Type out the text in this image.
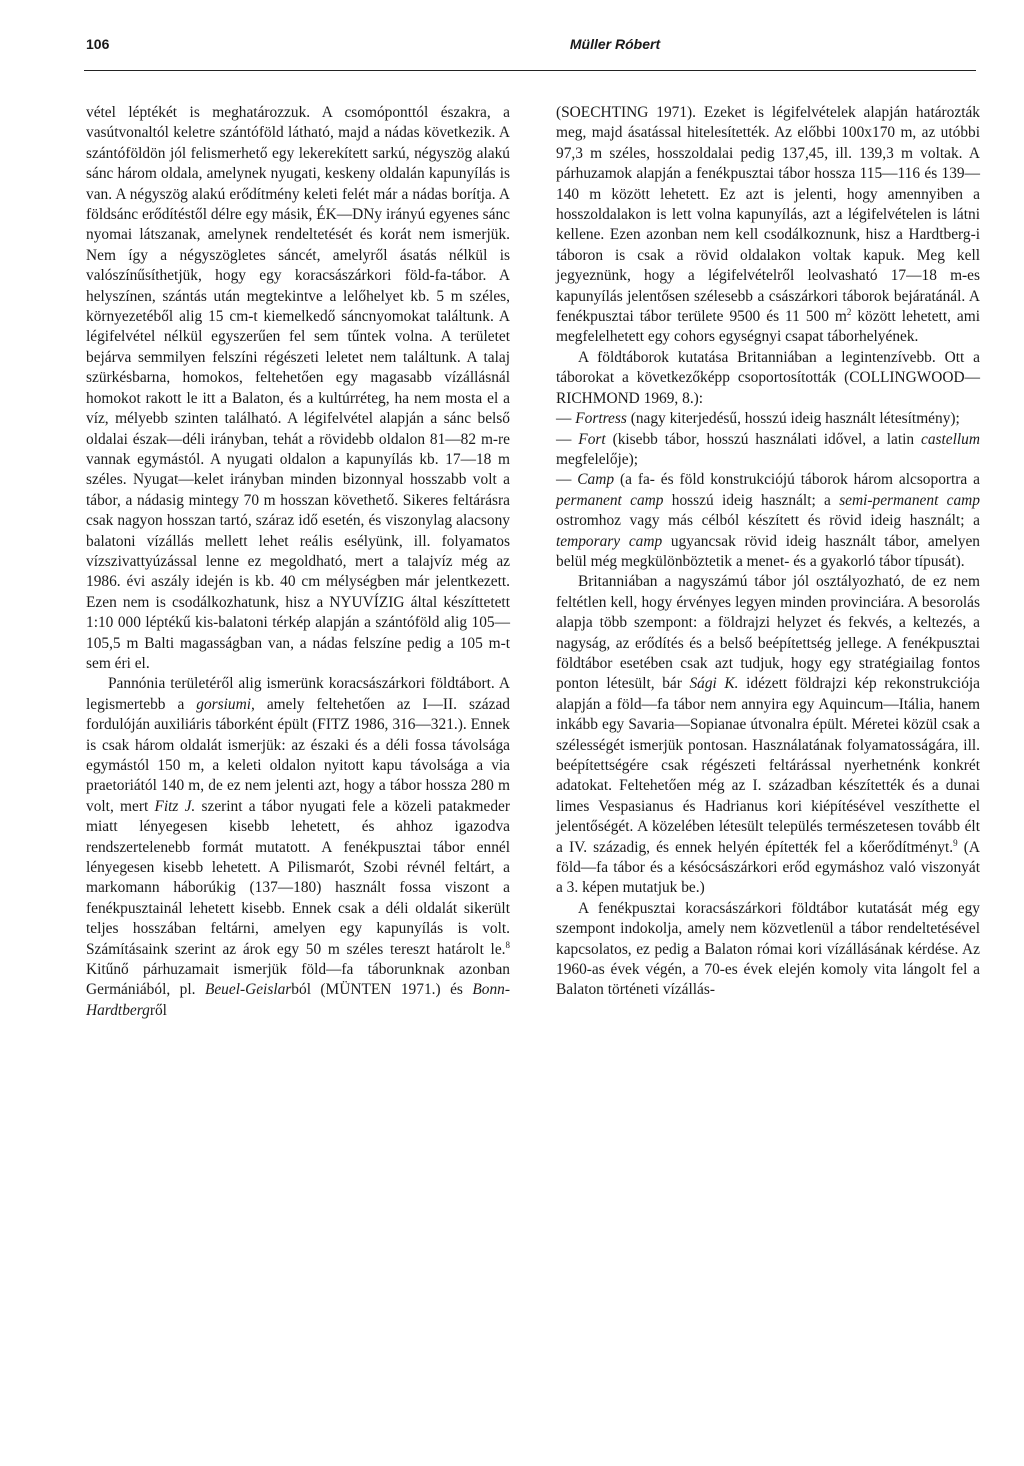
106	Müller Róbert

vétel léptékét is meghatározzuk. A csomóponttól északra, a vasútvonaltól keletre szántóföld látható, majd a nádas következik. A szántóföldön jól felismerhető egy lekerekített sarkú, négyszög alakú sánc három oldala, amelynek nyugati, keskeny oldalán kapunyílás is van. A négyszög alakú erődítmény keleti felét már a nádas borítja. A földsánc erődítéstől délre egy másik, ÉK—DNy irányú egyenes sánc nyomai látszanak, amelynek rendeltetését és korát nem ismerjük. Nem így a négyszögletes sáncét, amelyről ásatás nélkül is valószínűsíthetjük, hogy egy koracsászárkori föld-fa-tábor. A helyszínen, szántás után megtekintve a lelőhelyet kb. 5 m széles, környezetéből alig 15 cm-t kiemelkedő sáncnyomokat találtunk. A légifelvétel nélkül egyszerűen fel sem tűntek volna. A területet bejárva semmilyen felszíni régészeti leletet nem találtunk. A talaj szürkésbarna, homokos, feltehetően egy magasabb vízállásnál homokot rakott le itt a Balaton, és a kultúrréteg, ha nem mosta el a víz, mélyebb szinten található. A légifelvétel alapján a sánc belső oldalai észak—déli irányban, tehát a rövidebb oldalon 81—82 m-re vannak egymástól. A nyugati oldalon a kapunyílás kb. 17—18 m széles. Nyugat—kelet irányban minden bizonnyal hosszabb volt a tábor, a nádasig mintegy 70 m hosszan követhető. Sikeres feltárásra csak nagyon hosszan tartó, száraz idő esetén, és viszonylag alacsony balatoni vízállás mellett lehet reális esélyünk, ill. folyamatos vízszivattyúzással lenne ez megoldható, mert a talajvíz még az 1986. évi aszály idején is kb. 40 cm mélységben már jelentkezett. Ezen nem is csodálkozhatunk, hisz a NYUVÍZIG által készíttetett 1:10 000 léptékű kis-balatoni térkép alapján a szántóföld alig 105—105,5 m Balti magasságban van, a nádas felszíne pedig a 105 m-t sem éri el.

Pannónia területéről alig ismerünk koracsászárkori földtábort. A legismertebb a gorsiumi, amely feltehetően az I—II. század fordulóján auxiliáris táborként épült (FITZ 1986, 316—321.). Ennek is csak három oldalát ismerjük: az északi és a déli fossa távolsága egymástól 150 m, a keleti oldalon nyitott kapu távolsága a via praetoriától 140 m, de ez nem jelenti azt, hogy a tábor hossza 280 m volt, mert Fitz J. szerint a tábor nyugati fele a közeli patakmeder miatt lényegesen kisebb lehetett, és ahhoz igazodva rendszertelenebb formát mutatott. A fenékpusztai tábor ennél lényegesen kisebb lehetett. A Pilismarót, Szobi révnél feltárt, a markomann háborúkig (137—180) használt fossa viszont a fenékpusztainál lehetett kisebb. Ennek csak a déli oldalát sikerült teljes hosszában feltárni, amelyen egy kapunyílás is volt. Számításaink szerint az árok egy 50 m széles tereszt határolt le.$^8$ Kitűnő párhuzamait ismerjük föld—fa táborunknak azonban Germániából, pl. Beuel-Geislarból (MÜNTEN 1971.) és Bonn-Hardtbergről

(SOECHTING 1971). Ezeket is légifelvételek alapján határozták meg, majd ásatással hitelesítették. Az előbbi 100x170 m, az utóbbi 97,3 m széles, hosszoldalai pedig 137,45, ill. 139,3 m voltak. A párhuzamok alapján a fenékpusztai tábor hossza 115—116 és 139—140 m között lehetett. Ez azt is jelenti, hogy amennyiben a hosszoldalakon is lett volna kapunyílás, azt a légifelvételen is látni kellene. Ezen azonban nem kell csodálkoznunk, hisz a Hardtberg-i táboron is csak a rövid oldalakon voltak kapuk. Meg kell jegyeznünk, hogy a légifelvételről leolvasható 17—18 m-es kapunyílás jelentősen szélesebb a császárkori táborok bejáratánál. A fenékpusztai tábor területe 9500 és 11 500 $m^2$ között lehetett, ami megfelelhetett egy cohors egységnyi csapat táborhelyének.

A földtáborok kutatása Britanniában a legintenzívebb. Ott a táborokat a következőképp csoportosították (COLLINGWOOD—RICHMOND 1969, 8.):

— Fortress (nagy kiterjedésű, hosszú ideig használt létesítmény);

— Fort (kisebb tábor, hosszú használati idővel, a latin castellum megfelelője);

— Camp (a fa- és föld konstrukciójú táborok három alcsoportra a permanent camp hosszú ideig használt; a semi-permanent camp ostromhoz vagy más célból készített és rövid ideig használt; a temporary camp ugyancsak rövid ideig használt tábor, amelyen belül még megkülönböztetik a menet- és a gyakorló tábor típusát).

Britanniában a nagyszámú tábor jól osztályozható, de ez nem feltétlen kell, hogy érvényes legyen minden provinciára. A besorolás alapja több szempont: a földrajzi helyzet és fekvés, a keltezés, a nagyság, az erődítés és a belső beépítettség jellege. A fenékpusztai földtábor esetében csak azt tudjuk, hogy egy stratégiailag fontos ponton létesült, bár Sági K. idézett földrajzi kép rekonstrukciója alapján a föld—fa tábor nem annyira egy Aquincum—Itália, hanem inkább egy Savaria—Sopianae útvonalra épült. Méretei közül csak a szélességét ismerjük pontosan. Használatának folyamatosságára, ill. beépítettségére csak régészeti feltárással nyerhetnénk konkrét adatokat. Feltehetően még az I. században készítették és a dunai limes Vespasianus és Hadrianus kori kiépítésével veszíthette el jelentőségét. A közelében létesült település természetesen tovább élt a IV. századig, és ennek helyén építették fel a kőerődítményt.$^9$ (A föld—fa tábor és a késócsászárkori erőd egymáshoz való viszonyát a 3. képen mutatjuk be.)

A fenékpusztai koracsászárkori földtábor kutatását még egy szempont indokolja, amely nem közvetlenül a tábor rendeltetésével kapcsolatos, ez pedig a Balaton római kori vízállásának kérdése. Az 1960-as évek végén, a 70-es évek elején komoly vita lángolt fel a Balaton történeti vízállás-
